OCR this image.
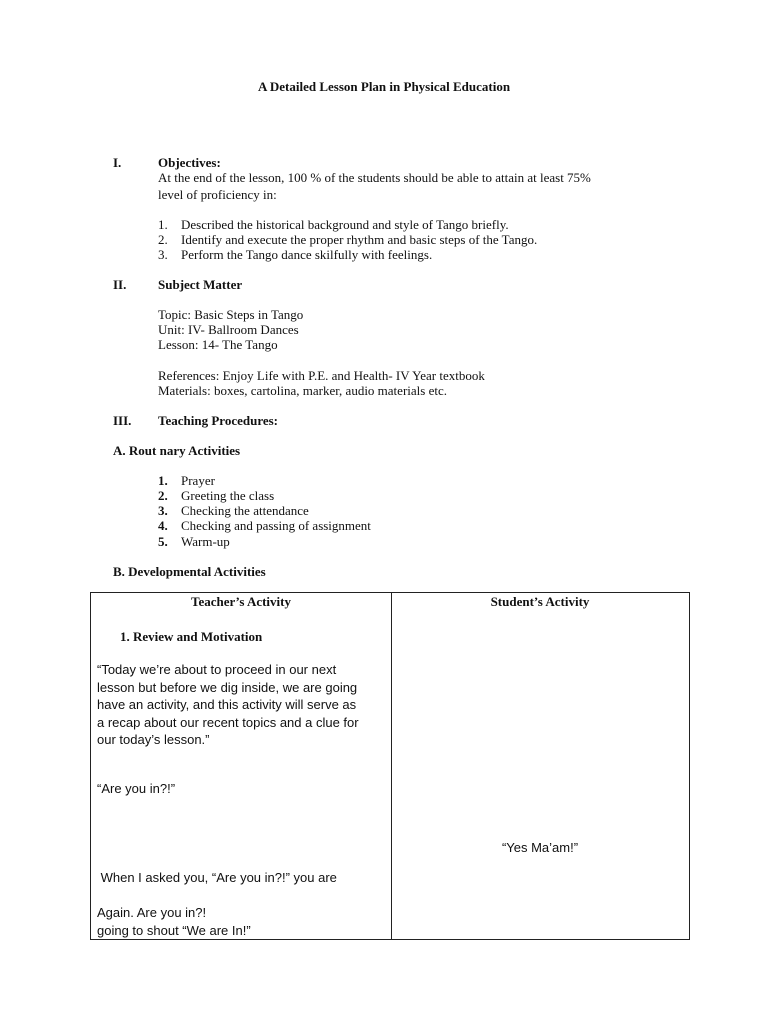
A Detailed Lesson Plan in Physical Education
I.	Objectives:
At the end of the lesson, 100 % of the students should be able to attain at least 75%
level of proficiency in:
1. Described the historical background and style of Tango briefly.
2. Identify and execute the proper rhythm and basic steps of the Tango.
3. Perform the Tango dance skilfully with feelings.
II. Subject Matter
Topic: Basic Steps in Tango
Unit: IV- Ballroom Dances
Lesson: 14- The Tango
References: Enjoy Life with P.E. and Health- IV Year textbook
Materials: boxes, cartolina, marker, audio materials etc.
III. Teaching Procedures:
A. Rout nary Activities
1. Prayer
2. Greeting the class
3. Checking the attendance
4. Checking and passing of assignment
5. Warm-up
B. Developmental Activities
Teacher’s Activity	Student’s Activity
1. Review and Motivation
“Today we’re about to proceed in our next
lesson but before we dig inside, we are going
have an activity, and this activity will serve as
a recap about our recent topics and a clue for
our today’s lesson.”
“Are you in?!”

When I asked you, “Are you in?!” you are

going to shout “We are In!”

Again. Are you in?!
“Yes Ma’am!”
